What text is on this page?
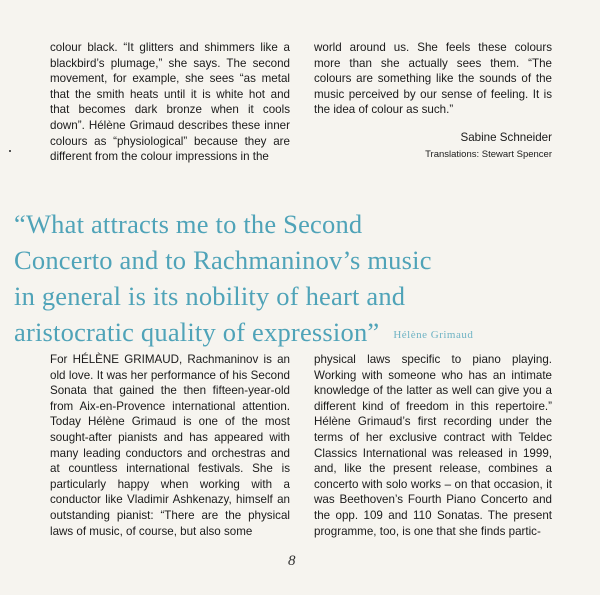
colour black. “It glitters and shimmers like a blackbird’s plumage,” she says. The second movement, for example, she sees “as metal that the smith heats until it is white hot and that becomes dark bronze when it cools down”. Hélène Grimaud describes these inner colours as “physiological” because they are different from the colour impressions in the
world around us. She feels these colours more than she actually sees them. “The colours are something like the sounds of the music perceived by our sense of feeling. It is the idea of colour as such.”
Sabine Schneider
Translations: Stewart Spencer
“What attracts me to the Second
Concerto and to Rachmaninov’s music
in general is its nobility of heart and
aristocratic quality of expression” Hélène Grimaud
For HÉLÈNE GRIMAUD, Rachmaninov is an old love. It was her performance of his Second Sonata that gained the then fifteen-year-old from Aix-en-Provence international attention. Today Hélène Grimaud is one of the most sought-after pianists and has appeared with many leading conductors and orchestras and at countless international festivals. She is particularly happy when working with a conductor like Vladimir Ashkenazy, himself an outstanding pianist: “There are the physical laws of music, of course, but also some
physical laws specific to piano playing. Working with someone who has an intimate knowledge of the latter as well can give you a different kind of freedom in this repertoire.” Hélène Grimaud’s first recording under the terms of her exclusive contract with Teldec Classics International was released in 1999, and, like the present release, combines a concerto with solo works – on that occasion, it was Beethoven’s Fourth Piano Concerto and the opp. 109 and 110 Sonatas. The present programme, too, is one that she finds partic-
8
